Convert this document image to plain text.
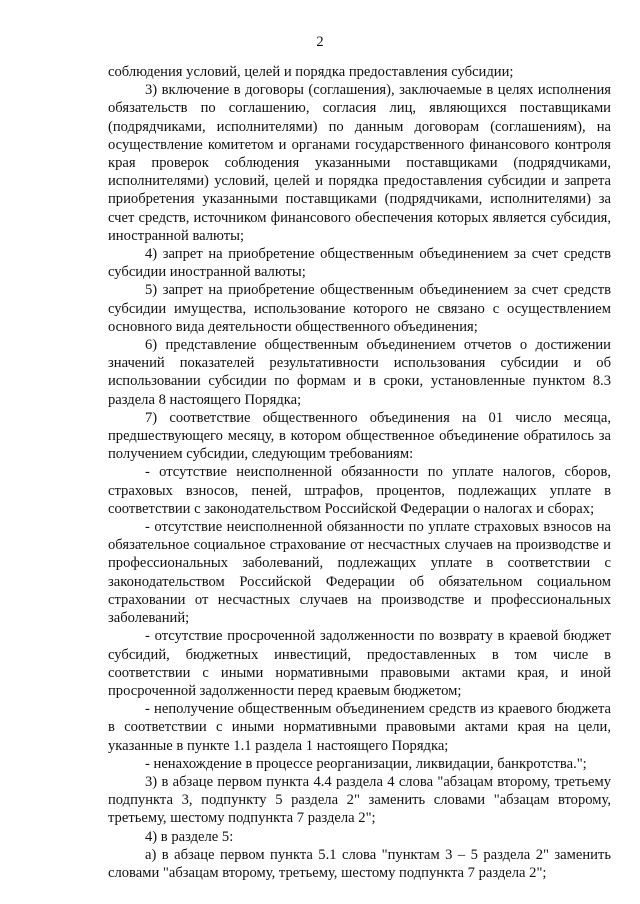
2

соблюдения условий, целей и порядка предоставления субсидии;

3) включение в договоры (соглашения), заключаемые в целях исполнения обязательств по соглашению, согласия лиц, являющихся поставщиками (подрядчиками, исполнителями) по данным договорам (соглашениям), на осуществление комитетом и органами государственного финансового контроля края проверок соблюдения указанными поставщиками (подрядчиками, исполнителями) условий, целей и порядка предоставления субсидии и запрета приобретения указанными поставщиками (подрядчиками, исполнителями) за счет средств, источником финансового обеспечения которых является субсидия, иностранной валюты;

4) запрет на приобретение общественным объединением за счет средств субсидии иностранной валюты;

5) запрет на приобретение общественным объединением за счет средств субсидии имущества, использование которого не связано с осуществлением основного вида деятельности общественного объединения;

6) представление общественным объединением отчетов о достижении значений показателей результативности использования субсидии и об использовании субсидии по формам и в сроки, установленные пунктом 8.3 раздела 8 настоящего Порядка;

7) соответствие общественного объединения на 01 число месяца, предшествующего месяцу, в котором общественное объединение обратилось за получением субсидии, следующим требованиям:

- отсутствие неисполненной обязанности по уплате налогов, сборов, страховых взносов, пеней, штрафов, процентов, подлежащих уплате в соответствии с законодательством Российской Федерации о налогах и сборах;

- отсутствие неисполненной обязанности по уплате страховых взносов на обязательное социальное страхование от несчастных случаев на производстве и профессиональных заболеваний, подлежащих уплате в соответствии с законодательством Российской Федерации об обязательном социальном страховании от несчастных случаев на производстве и профессиональных заболеваний;

- отсутствие просроченной задолженности по возврату в краевой бюджет субсидий, бюджетных инвестиций, предоставленных в том числе в соответствии с иными нормативными правовыми актами края, и иной просроченной задолженности перед краевым бюджетом;

- неполучение общественным объединением средств из краевого бюджета в соответствии с иными нормативными правовыми актами края на цели, указанные в пункте 1.1 раздела 1 настоящего Порядка;

- ненахождение в процессе реорганизации, ликвидации, банкротства.";

3) в абзаце первом пункта 4.4 раздела 4 слова "абзацам второму, третьему подпункта 3, подпункту 5 раздела 2" заменить словами "абзацам второму, третьему, шестому подпункта 7 раздела 2";

4) в разделе 5:

а) в абзаце первом пункта 5.1 слова "пунктам 3 – 5 раздела 2" заменить словами "абзацам второму, третьему, шестому подпункта 7 раздела 2";
